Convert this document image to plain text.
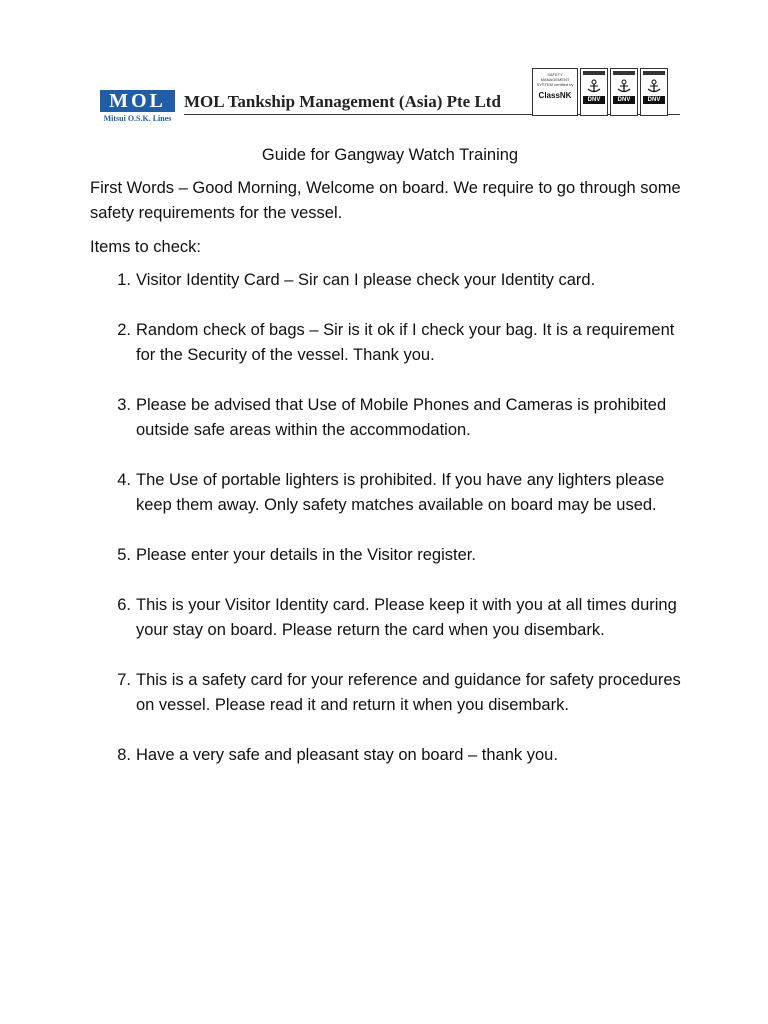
MOL
Mitsui O.S.K. Lines
MOL Tankship Management (Asia) Pte Ltd
SAFETY MANAGEMENT SYSTEM certified by
ClassNK	DNV	DNV	DNV

Guide for Gangway Watch Training

First Words – Good Morning, Welcome on board. We require to go through some safety requirements for the vessel.

Items to check:

1. Visitor Identity Card – Sir can I please check your Identity card.
2. Random check of bags – Sir is it ok if I check your bag. It is a requirement for the Security of the vessel. Thank you.
3. Please be advised that Use of Mobile Phones and Cameras is prohibited outside safe areas within the accommodation.
4. The Use of portable lighters is prohibited. If you have any lighters please keep them away. Only safety matches available on board may be used.
5. Please enter your details in the Visitor register.
6. This is your Visitor Identity card. Please keep it with you at all times during your stay on board. Please return the card when you disembark.
7. This is a safety card for your reference and guidance for safety procedures on vessel. Please read it and return it when you disembark.
8. Have a very safe and pleasant stay on board – thank you.
